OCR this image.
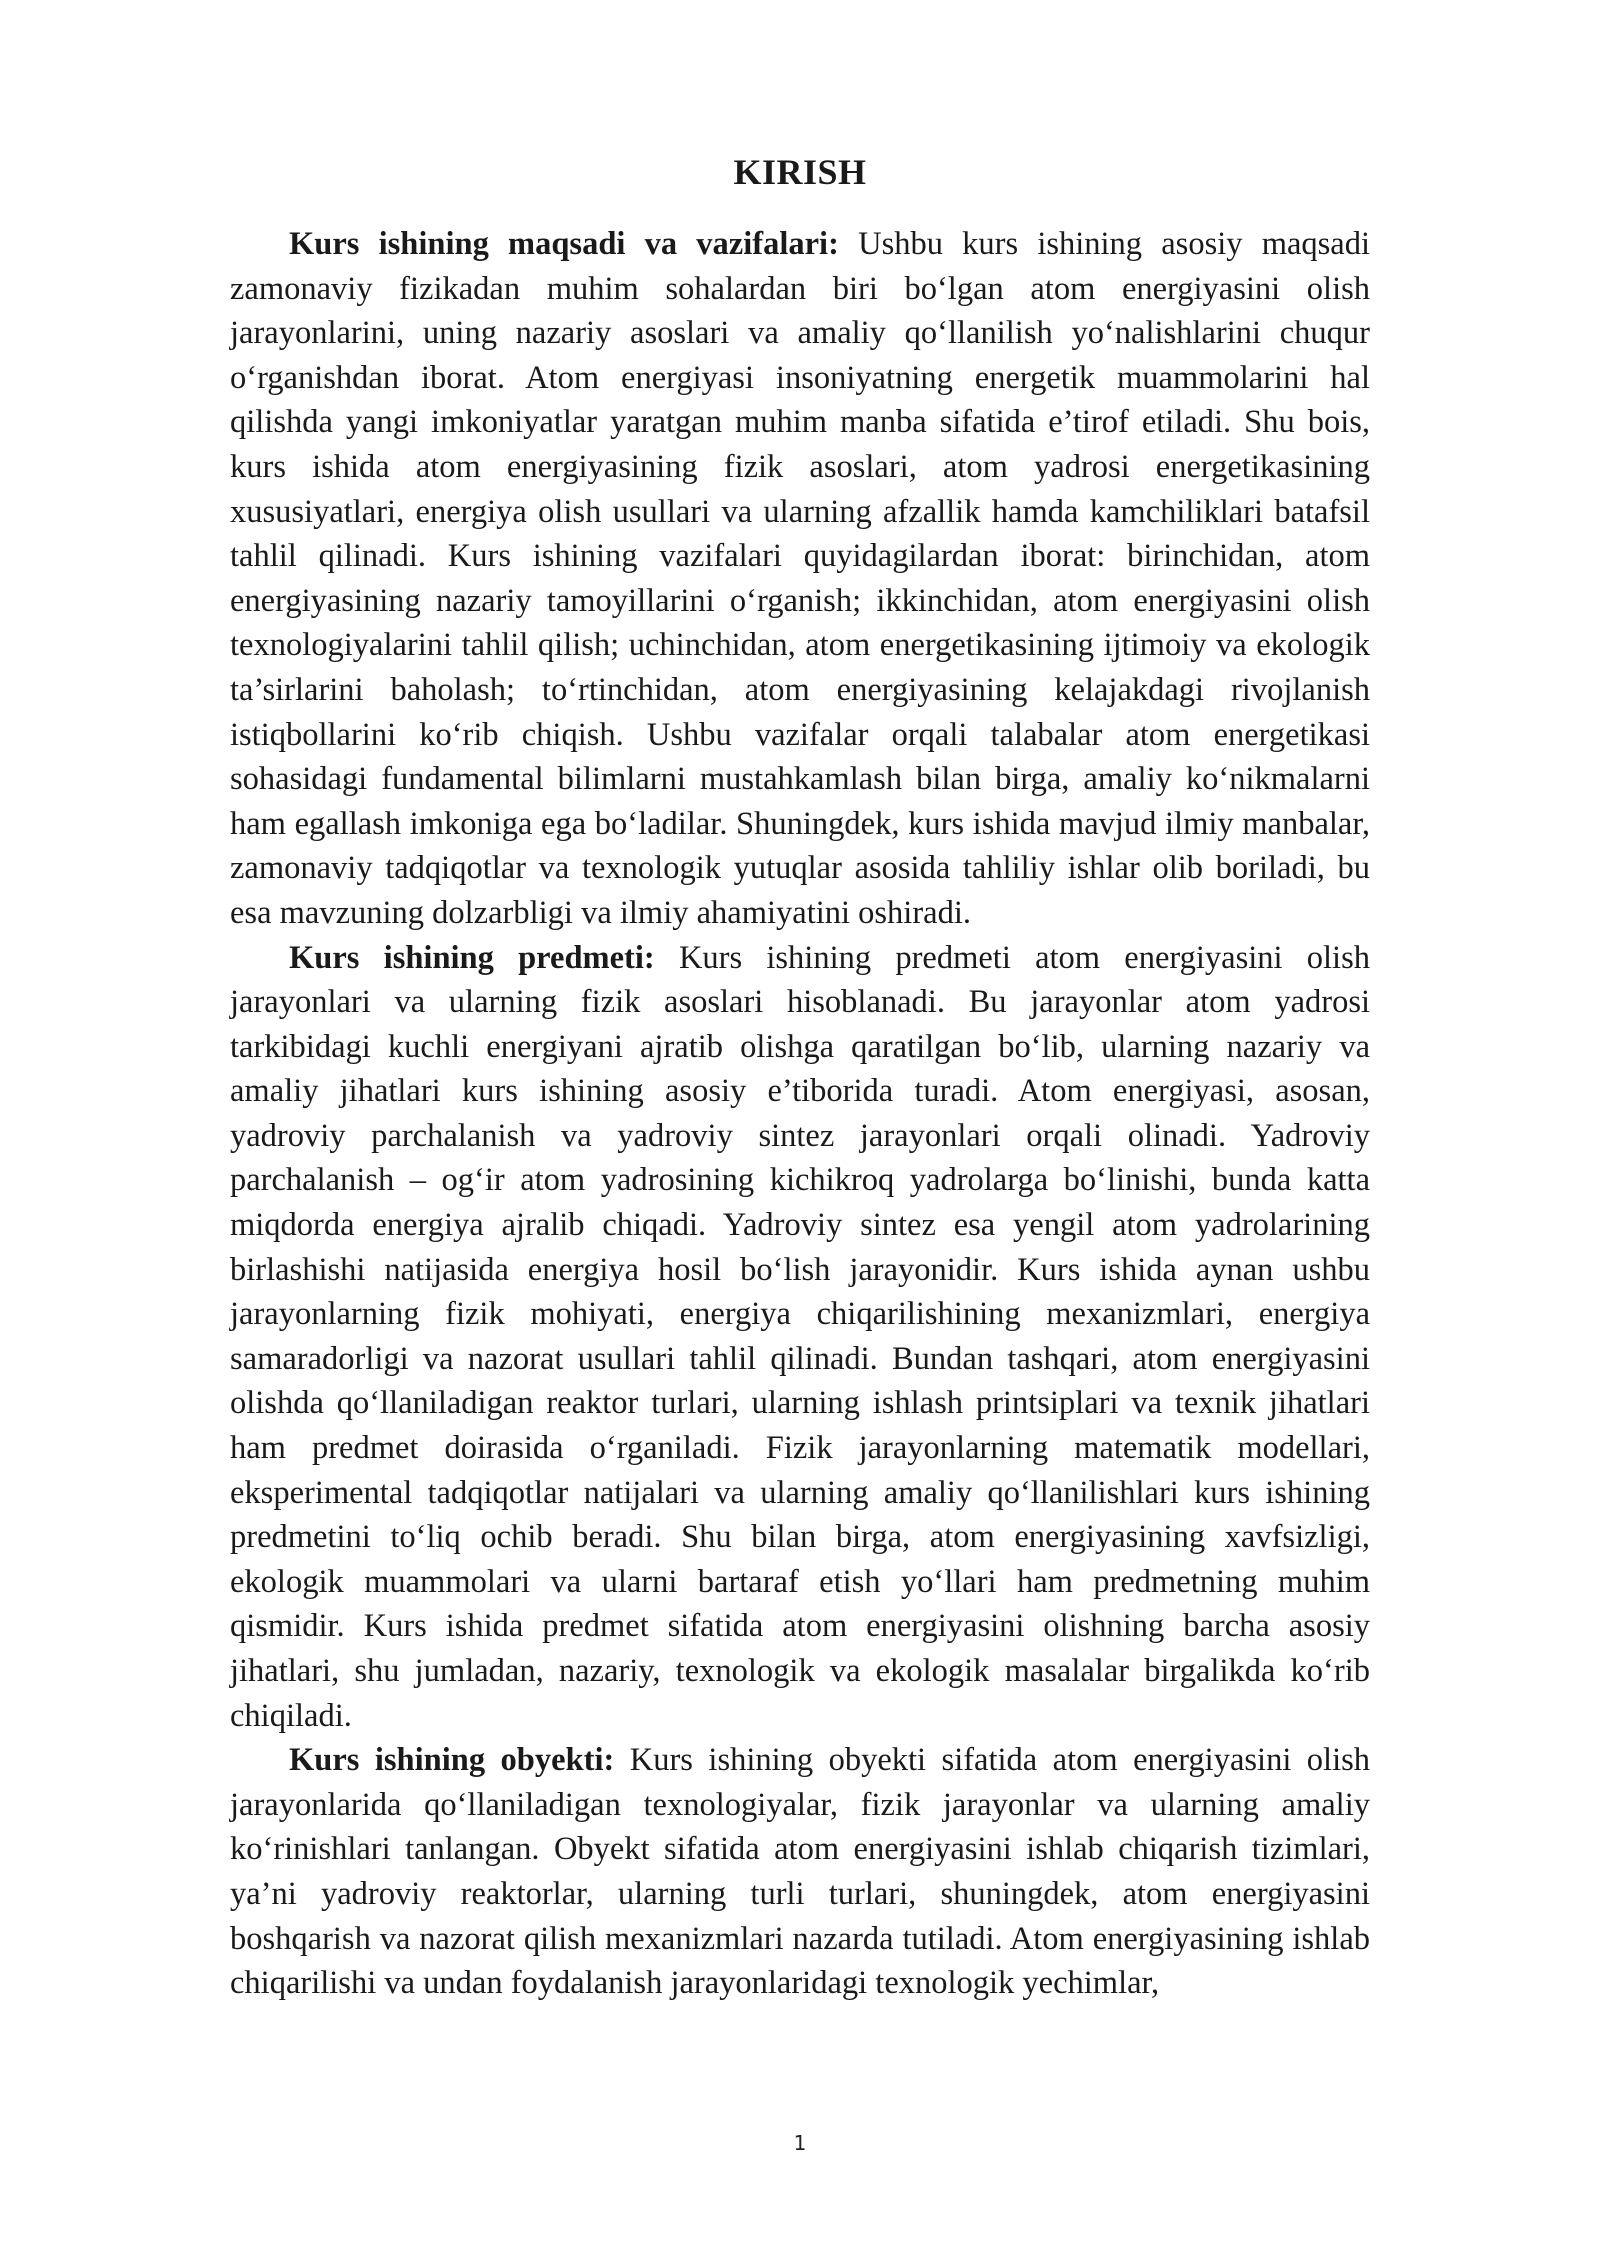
KIRISH

Kurs ishining maqsadi va vazifalari: Ushbu kurs ishining asosiy maqsadi zamonaviy fizikadan muhim sohalardan biri bo‘lgan atom energiyasini olish jarayonlarini, uning nazariy asoslari va amaliy qo‘llanilish yo‘nalishlarini chuqur o‘rganishdan iborat. Atom energiyasi insoniyatning energetik muammolarini hal qilishda yangi imkoniyatlar yaratgan muhim manba sifatida e’tirof etiladi. Shu bois, kurs ishida atom energiyasining fizik asoslari, atom yadrosi energetikasining xususiyatlari, energiya olish usullari va ularning afzallik hamda kamchiliklari batafsil tahlil qilinadi. Kurs ishining vazifalari quyidagilardan iborat: birinchidan, atom energiyasining nazariy tamoyillarini o‘rganish; ikkinchidan, atom energiyasini olish texnologiyalarini tahlil qilish; uchinchidan, atom energetikasining ijtimoiy va ekologik ta’sirlarini baholash; to‘rtinchidan, atom energiyasining kelajakdagi rivojlanish istiqbollarini ko‘rib chiqish. Ushbu vazifalar orqali talabalar atom energetikasi sohasidagi fundamental bilimlarni mustahkamlash bilan birga, amaliy ko‘nikmalarni ham egallash imkoniga ega bo‘ladilar. Shuningdek, kurs ishida mavjud ilmiy manbalar, zamonaviy tadqiqotlar va texnologik yutuqlar asosida tahliliy ishlar olib boriladi, bu esa mavzuning dolzarbligi va ilmiy ahamiyatini oshiradi.

Kurs ishining predmeti: Kurs ishining predmeti atom energiyasini olish jarayonlari va ularning fizik asoslari hisoblanadi. Bu jarayonlar atom yadrosi tarkibidagi kuchli energiyani ajratib olishga qaratilgan bo‘lib, ularning nazariy va amaliy jihatlari kurs ishining asosiy e’tiborida turadi. Atom energiyasi, asosan, yadroviy parchalanish va yadroviy sintez jarayonlari orqali olinadi. Yadroviy parchalanish – og‘ir atom yadrosining kichikroq yadrolarga bo‘linishi, bunda katta miqdorda energiya ajralib chiqadi. Yadroviy sintez esa yengil atom yadrolarining birlashishi natijasida energiya hosil bo‘lish jarayonidir. Kurs ishida aynan ushbu jarayonlarning fizik mohiyati, energiya chiqarilishining mexanizmlari, energiya samaradorligi va nazorat usullari tahlil qilinadi. Bundan tashqari, atom energiyasini olishda qo‘llaniladigan reaktor turlari, ularning ishlash printsiplari va texnik jihatlari ham predmet doirasida o‘rganiladi. Fizik jarayonlarning matematik modellari, eksperimental tadqiqotlar natijalari va ularning amaliy qo‘llanilishlari kurs ishining predmetini to‘liq ochib beradi. Shu bilan birga, atom energiyasining xavfsizligi, ekologik muammolari va ularni bartaraf etish yo‘llari ham predmetning muhim qismidir. Kurs ishida predmet sifatida atom energiyasini olishning barcha asosiy jihatlari, shu jumladan, nazariy, texnologik va ekologik masalalar birgalikda ko‘rib chiqiladi.

Kurs ishining obyekti: Kurs ishining obyekti sifatida atom energiyasini olish jarayonlarida qo‘llaniladigan texnologiyalar, fizik jarayonlar va ularning amaliy ko‘rinishlari tanlangan. Obyekt sifatida atom energiyasini ishlab chiqarish tizimlari, ya’ni yadroviy reaktorlar, ularning turli turlari, shuningdek, atom energiyasini boshqarish va nazorat qilish mexanizmlari nazarda tutiladi. Atom energiyasining ishlab chiqarilishi va undan foydalanish jarayonlaridagi texnologik yechimlar,

1
